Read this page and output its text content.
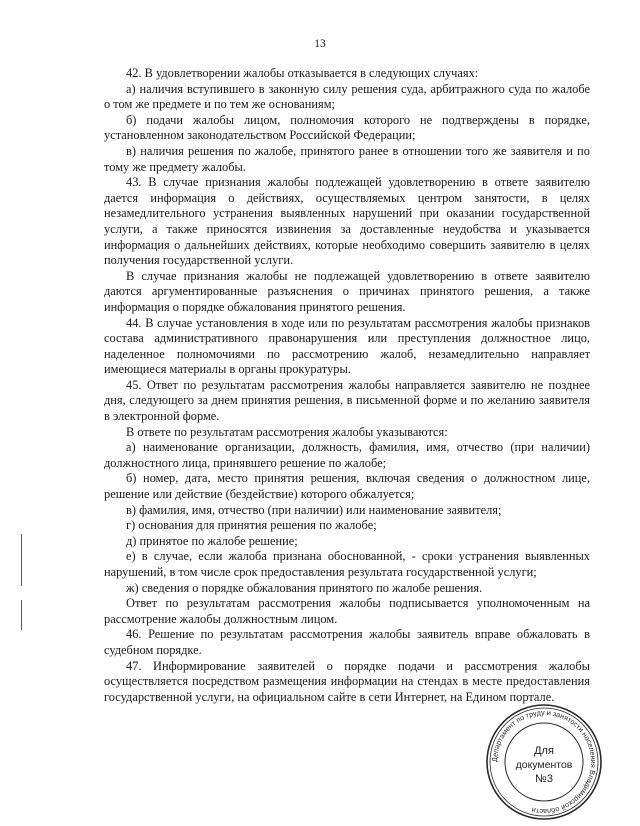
13

42. В удовлетворении жалобы отказывается в следующих случаях:

а) наличия вступившего в законную силу решения суда, арбитражного суда по жалобе о том же предмете и по тем же основаниям;

б) подачи жалобы лицом, полномочия которого не подтверждены в порядке, установленном законодательством Российской Федерации;

в) наличия решения по жалобе, принятого ранее в отношении того же заявителя и по тому же предмету жалобы.

43. В случае признания жалобы подлежащей удовлетворению в ответе заявителю дается информация о действиях, осуществляемых центром занятости, в целях незамедлительного устранения выявленных нарушений при оказании государственной услуги, а также приносятся извинения за доставленные неудобства и указывается информация о дальнейших действиях, которые необходимо совершить заявителю в целях получения государственной услуги.

В случае признания жалобы не подлежащей удовлетворению в ответе заявителю даются аргументированные разъяснения о причинах принятого решения, а также информация о порядке обжалования принятого решения.

44. В случае установления в ходе или по результатам рассмотрения жалобы признаков состава административного правонарушения или преступления должностное лицо, наделенное полномочиями по рассмотрению жалоб, незамедлительно направляет имеющиеся материалы в органы прокуратуры.

45. Ответ по результатам рассмотрения жалобы направляется заявителю не позднее дня, следующего за днем принятия решения, в письменной форме и по желанию заявителя в электронной форме.

В ответе по результатам рассмотрения жалобы указываются:

а) наименование организации, должность, фамилия, имя, отчество (при наличии) должностного лица, принявшего решение по жалобе;

б) номер, дата, место принятия решения, включая сведения о должностном лице, решение или действие (бездействие) которого обжалуется;

в) фамилия, имя, отчество (при наличии) или наименование заявителя;

г) основания для принятия решения по жалобе;

д) принятое по жалобе решение;

е) в случае, если жалоба признана обоснованной, - сроки устранения выявленных нарушений, в том числе срок предоставления результата государственной услуги;

ж) сведения о порядке обжалования принятого по жалобе решения.

Ответ по результатам рассмотрения жалобы подписывается уполномоченным на рассмотрение жалобы должностным лицом.

46. Решение по результатам рассмотрения жалобы заявитель вправе обжаловать в судебном порядке.

47. Информирование заявителей о порядке подачи и рассмотрения жалобы осуществляется посредством размещения информации на стендах в месте предоставления государственной услуги, на официальном сайте в сети Интернет, на Едином портале.

Департамент по труду и занятости населения Владимирской области
Для
документов
№3
